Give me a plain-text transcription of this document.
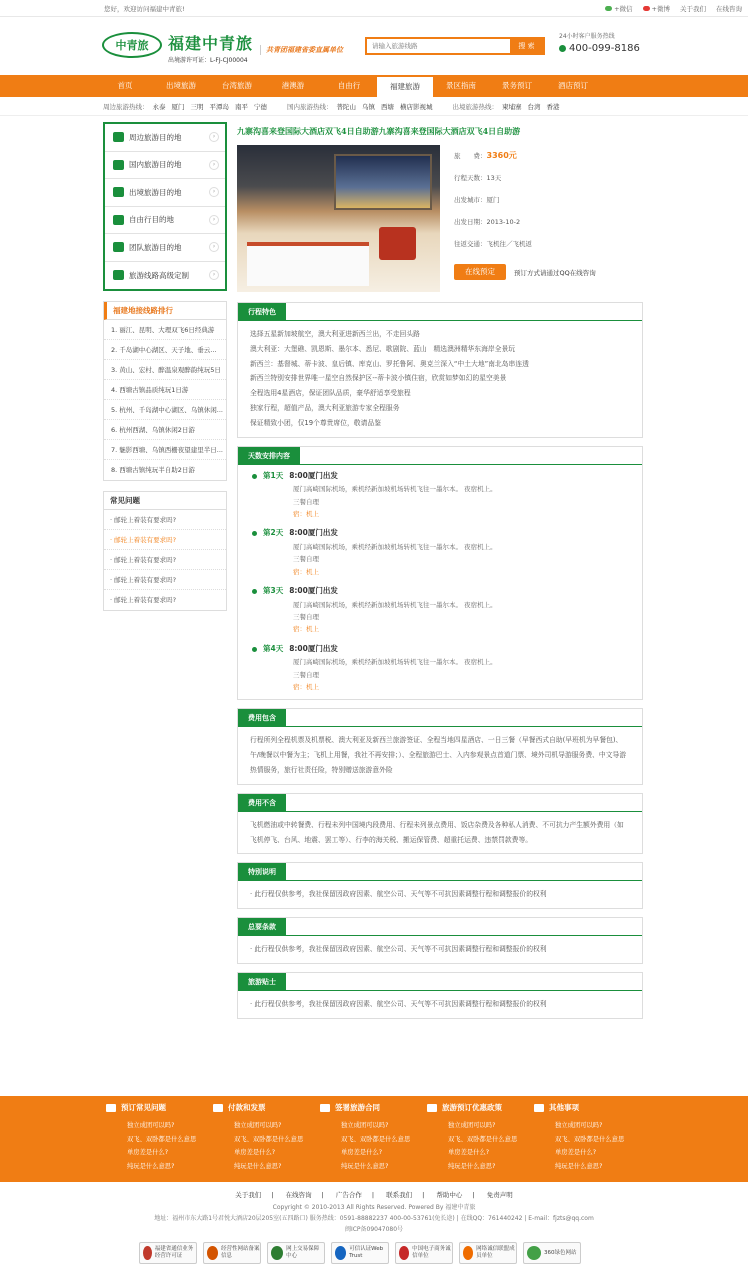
您好，欢迎访问福建中青旅!	+微信	+微博 关于我们 在线咨询
中青旅 福建中青旅
出境游许可证：L-FJ-CJ00004
共青团福建省委直属单位
请输入旅游线路	搜 索
24小时客户服务热线
400-099-8186
首页	出境旅游	台湾旅游	港澳游	自由行	福建旅游	景区指南	景务预订	酒店预订
周边旅游热线： 永泰 厦门 三明 平潭岛 南平 宁德	国内旅游热线： 普陀山 乌镇 西塘 横店影视城	出境旅游热线： 柬埔寨 台湾 香港
周边旅游目的地	›
国内旅游目的地	›
出境旅游目的地	›
自由行目的地	›
团队旅游目的地	›
旅游线路高级定制	›
福建地接线路排行
1. 丽江、昆明、大理双飞6日经典游
2. 千岛湖中心湖区、天子地、垂云...
3. 黄山、宏村、醉温泉观醉韵纯玩5日
4. 西塘古镇品质纯玩1日游
5. 杭州、千岛湖中心湖区、乌镇休闲...
6. 杭州西湖、乌镇休闲2日游
7. 魅影西塘、乌镇西栅夜望建里半日...
8. 西塘古镇纯玩半自助2日游
常见问题
· 邮轮上着装有要求吗?
· 邮轮上着装有要求吗?
· 邮轮上着装有要求吗?
· 邮轮上着装有要求吗?
· 邮轮上着装有要求吗?
九寨沟喜来登国际大酒店双飞4日自助游九寨沟喜来登国际大酒店双飞4日自助游
旅　　费：3360元
行程天数：13天
出发城市：厦门
出发日期：2013-10-2
往返交通：飞机往／飞机返
在线预定	预订方式请通过QQ在线咨询
行程特色
选择五星新加坡航空，澳大利亚进新西兰出，不走回头路
澳大利亚：大堡礁、凯恩斯、墨尔本、悉尼、歌剧院、蓝山　精选澳洲精华东海岸全景玩
新西兰：基督城、蒂卡波、皇后镇、库克山、罗托鲁阿、奥克兰深入“中土大地”南北岛串连透
新西兰特别安排世界唯一星空自然保护区--蒂卡波小镇住宿，欣赏如梦如幻的星空美景
全程选用4星酒店，保证团队品质，豪华舒适享受旅程
独家行程，超值产品，澳大利亚旅游专家全程服务
保证精致小团，仅19个尊贵席位，敬请品鉴
天数安排内容
第1天 8:00厦门出发
厦门高崎国际机场，乘机经新加坡机场转机飞往一墨尔本。 夜宿机上。
三餐自理
宿：机上
第2天 8:00厦门出发
厦门高崎国际机场，乘机经新加坡机场转机飞往一墨尔本。 夜宿机上。
三餐自理
宿：机上
第3天 8:00厦门出发
厦门高崎国际机场，乘机经新加坡机场转机飞往一墨尔本。 夜宿机上。
三餐自理
宿：机上
第4天 8:00厦门出发
厦门高崎国际机场，乘机经新加坡机场转机飞往一墨尔本。 夜宿机上。
三餐自理
宿：机上
费用包含
行程所列全程机票及机票税、澳大利亚及新西兰旅游签证、全程当地四星酒店、一日三餐（早餐西式自助(早班机为早餐包)、午/晚餐以中餐为主；飞机上用餐，我社不再安排；）、全程旅游巴士、入内参观景点首道门票、境外司机导游服务费、中文导游热情服务，旅行社责任险，特别赠送旅游意外险
费用不含
飞机燃油或中转餐费、行程未列中国境内段费用、行程未列景点费用、饭店杂费及各种私人消费、不可抗力产生额外费用（如飞机停飞、台风、地震、罢工等）、行李的海关税、搬运保管费、超重托运费、违禁罚款费等。
特别说明
· 此行程仅供参考，我社保留因政府因素、航空公司、天气等不可抗因素调整行程和调整报价的权利
总要条款
· 此行程仅供参考，我社保留因政府因素、航空公司、天气等不可抗因素调整行程和调整报价的权利
旅游贴士
· 此行程仅供参考，我社保留因政府因素、航空公司、天气等不可抗因素调整行程和调整报价的权利
预订常见问题
独立成团可以吗?
双飞、双卧都是什么意思
单房差是什么?
纯玩是什么意思?
付款和发票
独立成团可以吗?
双飞、双卧都是什么意思
单房差是什么?
纯玩是什么意思?
签署旅游合同
独立成团可以吗?
双飞、双卧都是什么意思
单房差是什么?
纯玩是什么意思?
旅游预订优惠政策
独立成团可以吗?
双飞、双卧都是什么意思
单房差是什么?
纯玩是什么意思?
其他事项
独立成团可以吗?
双飞、双卧都是什么意思
单房差是什么?
纯玩是什么意思?
关于我们 | 在线咨询 | 广告合作 | 联系我们 | 帮助中心 | 免责声明
Copyright © 2010-2013 All Rights Reserved. Powered By 福建中青旅
地址：福州市东大路1号君悦大酒店20层205室(五四路口) 服务热线：0591-88882237 400-00-53761(免长途) | 在线QQ：761440242 | E-mail：fjzts@qq.com
闽ICP备09047080号
福建省通信业务经营许可证
经营性网站备案信息
网上交易保障中心
可信认证Web Trust
中国电子商务诚信单位
网络诚信联盟成员单位
360绿色网站
